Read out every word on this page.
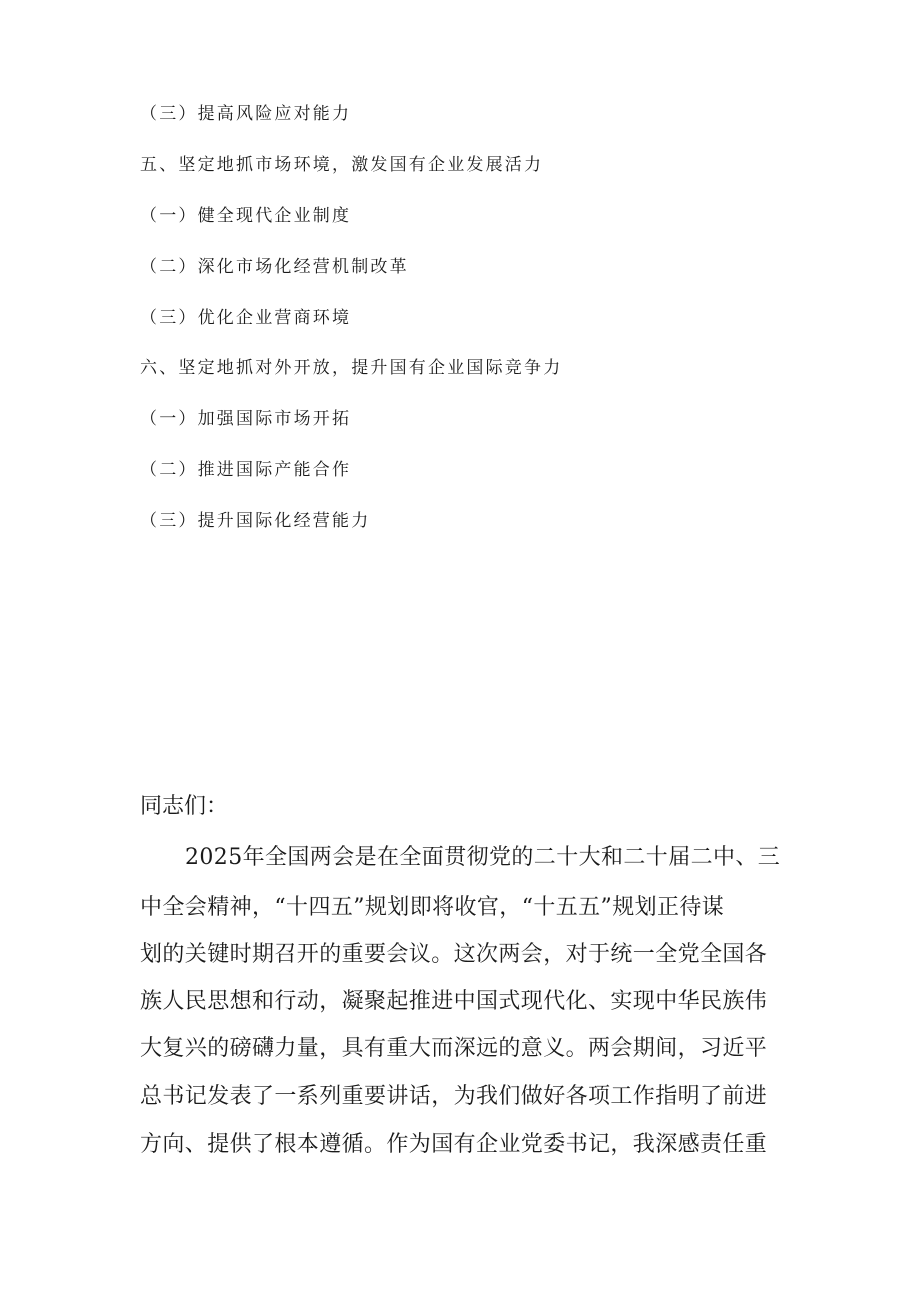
（三）提高风险应对能力
五、坚定地抓市场环境，激发国有企业发展活力
（一）健全现代企业制度
（二）深化市场化经营机制改革
（三）优化企业营商环境
六、坚定地抓对外开放，提升国有企业国际竞争力
（一）加强国际市场开拓
（二）推进国际产能合作
（三）提升国际化经营能力
同志们：
2025年全国两会是在全面贯彻党的二十大和二十届二中、三
中全会精神，“十四五”规划即将收官，“十五五”规划正待谋
划的关键时期召开的重要会议。这次两会，对于统一全党全国各
族人民思想和行动，凝聚起推进中国式现代化、实现中华民族伟
大复兴的磅礴力量，具有重大而深远的意义。两会期间，习近平
总书记发表了一系列重要讲话，为我们做好各项工作指明了前进
方向、提供了根本遵循。作为国有企业党委书记，我深感责任重
